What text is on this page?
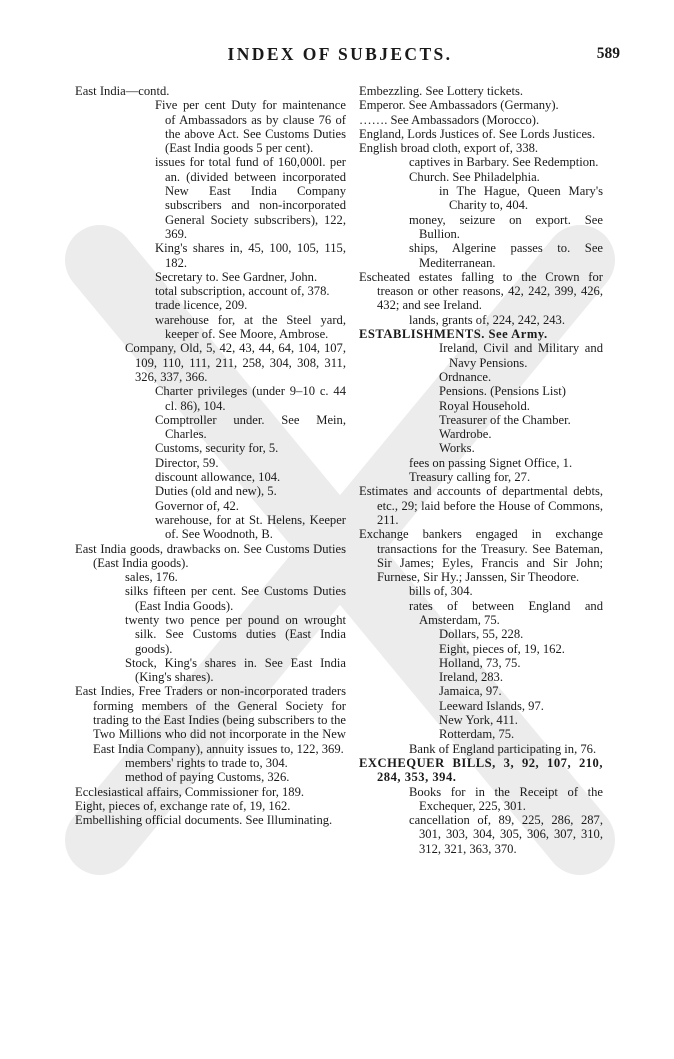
INDEX OF SUBJECTS.	589

East India—contd.

Five per cent Duty for maintenance of Ambassadors as by clause 76 of the above Act. See Customs Duties (East India goods 5 per cent).

issues for total fund of 160,000l. per an. (divided between incorporated New East India Company subscribers and non-incorporated General Society subscribers), 122, 369.

King's shares in, 45, 100, 105, 115, 182.

Secretary to. See Gardner, John.

total subscription, account of, 378.

trade licence, 209.

warehouse for, at the Steel yard, keeper of. See Moore, Ambrose.

Company, Old, 5, 42, 43, 44, 64, 104, 107, 109, 110, 111, 211, 258, 304, 308, 311, 326, 337, 366.

Charter privileges (under 9–10 c. 44 cl. 86), 104.

Comptroller under. See Mein, Charles.

Customs, security for, 5.

Director, 59.

discount allowance, 104.

Duties (old and new), 5.

Governor of, 42.

warehouse, for at St. Helens, Keeper of. See Woodnoth, B.

East India goods, drawbacks on. See Customs Duties (East India goods).

sales, 176.

silks fifteen per cent. See Customs Duties (East India Goods).

twenty two pence per pound on wrought silk. See Customs duties (East India goods).

Stock, King's shares in. See East India (King's shares).

East Indies, Free Traders or non-incorporated traders forming members of the General Society for trading to the East Indies (being subscribers to the Two Millions who did not incorporate in the New East India Company), annuity issues to, 122, 369.

members' rights to trade to, 304.

method of paying Customs, 326.

Ecclesiastical affairs, Commissioner for, 189.

Eight, pieces of, exchange rate of, 19, 162.

Embellishing official documents. See Illuminating.

Embezzling. See Lottery tickets.

Emperor. See Ambassadors (Germany).

……. See Ambassadors (Morocco).

England, Lords Justices of. See Lords Justices.

English broad cloth, export of, 338.

captives in Barbary. See Redemption.

Church. See Philadelphia.

in The Hague, Queen Mary's Charity to, 404.

money, seizure on export. See Bullion.

ships, Algerine passes to. See Mediterranean.

Escheated estates falling to the Crown for treason or other reasons, 42, 242, 399, 426, 432; and see Ireland.

lands, grants of, 224, 242, 243.

ESTABLISHMENTS. See Army.

Ireland, Civil and Military and Navy Pensions.

Ordnance.

Pensions. (Pensions List)

Royal Household.

Treasurer of the Chamber.

Wardrobe.

Works.

fees on passing Signet Office, 1.

Treasury calling for, 27.

Estimates and accounts of departmental debts, etc., 29; laid before the House of Commons, 211.

Exchange bankers engaged in exchange transactions for the Treasury. See Bateman, Sir James; Eyles, Francis and Sir John; Furnese, Sir Hy.; Janssen, Sir Theodore.

bills of, 304.

rates of between England and Amsterdam, 75.

Dollars, 55, 228.

Eight, pieces of, 19, 162.

Holland, 73, 75.

Ireland, 283.

Jamaica, 97.

Leeward Islands, 97.

New York, 411.

Rotterdam, 75.

Bank of England participating in, 76.

EXCHEQUER BILLS, 3, 92, 107, 210, 284, 353, 394.

Books for in the Receipt of the Exchequer, 225, 301.

cancellation of, 89, 225, 286, 287, 301, 303, 304, 305, 306, 307, 310, 312, 321, 363, 370.
